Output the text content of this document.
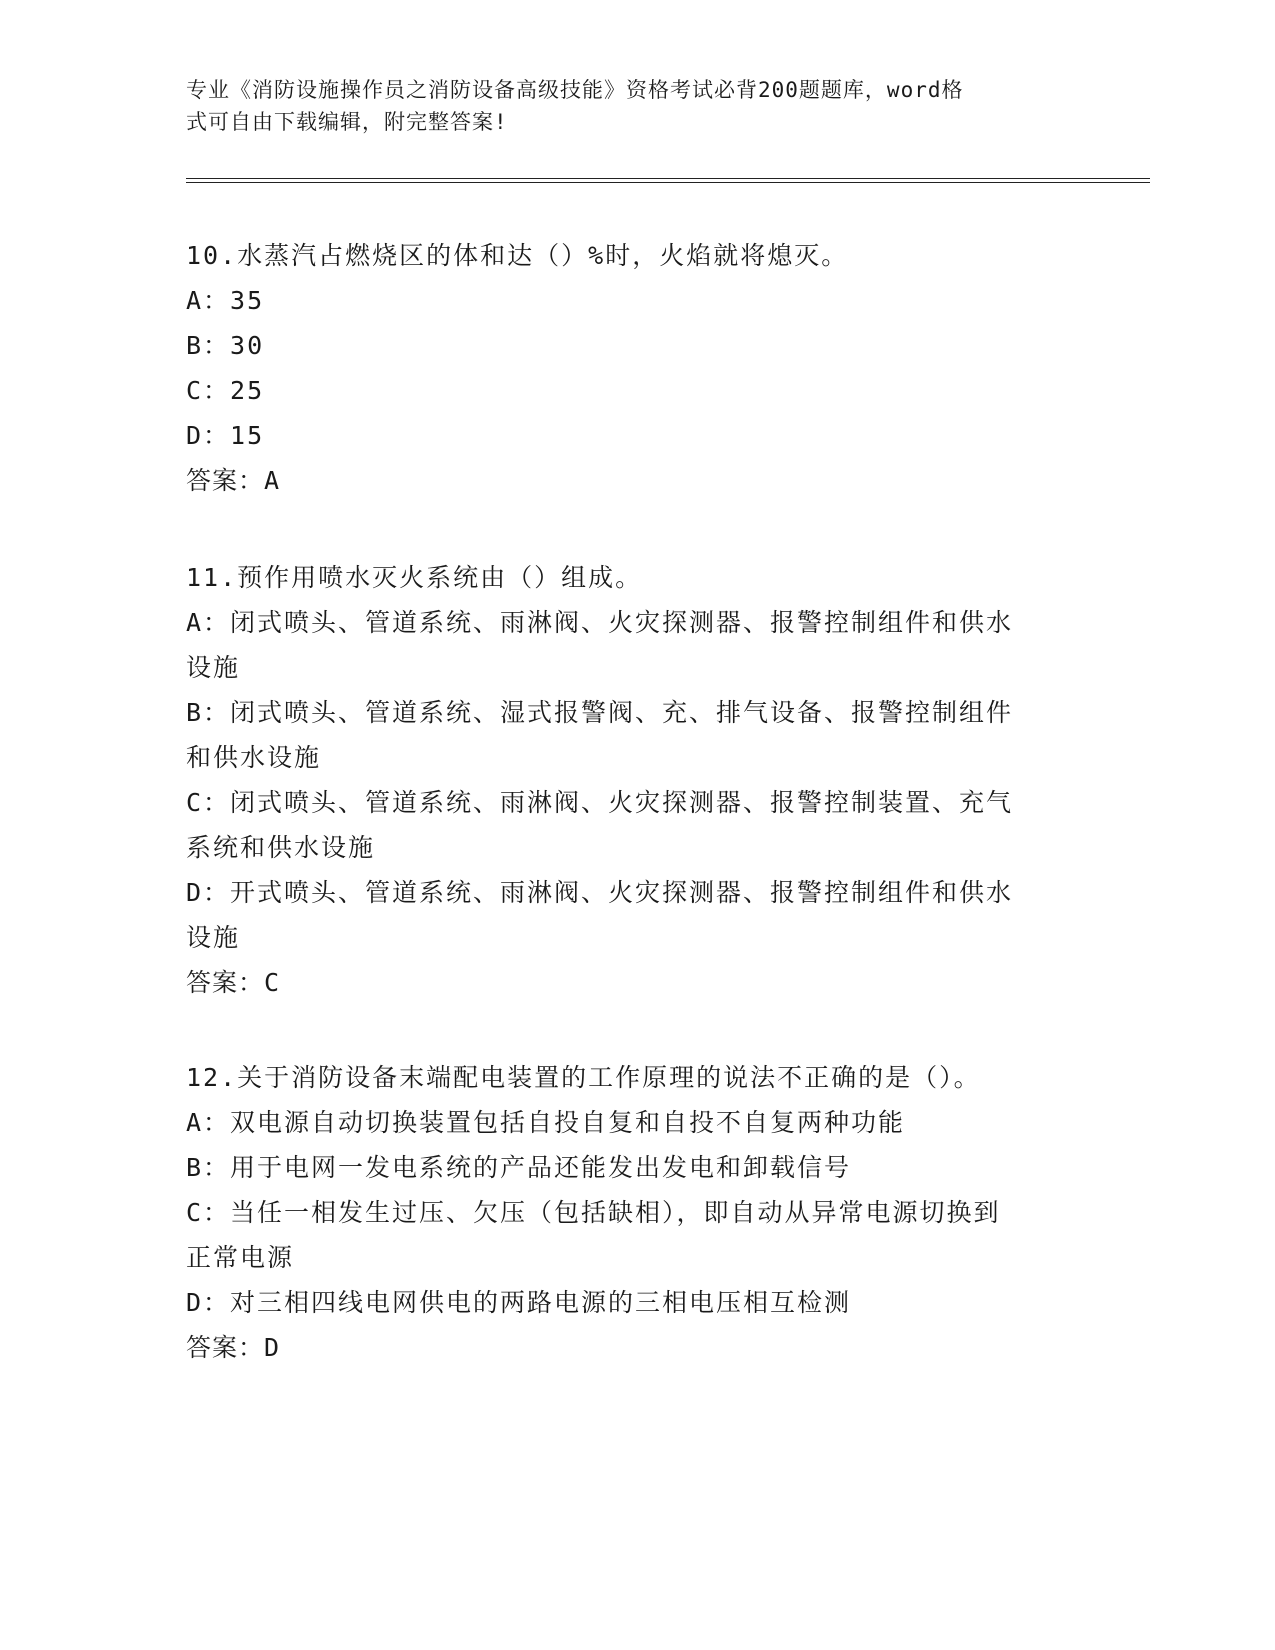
专业《消防设施操作员之消防设备高级技能》资格考试必背200题题库，word格
式可自由下载编辑，附完整答案!
10.水蒸汽占燃烧区的体和达（）%时，火焰就将熄灭。
A：35
B：30
C：25
D：15
答案：A
11.预作用喷水灭火系统由（）组成。
A：闭式喷头、管道系统、雨淋阀、火灾探测器、报警控制组件和供水
设施
B：闭式喷头、管道系统、湿式报警阀、充、排气设备、报警控制组件
和供水设施
C：闭式喷头、管道系统、雨淋阀、火灾探测器、报警控制装置、充气
系统和供水设施
D：开式喷头、管道系统、雨淋阀、火灾探测器、报警控制组件和供水
设施
答案：C
12.关于消防设备末端配电装置的工作原理的说法不正确的是（）。
A：双电源自动切换装置包括自投自复和自投不自复两种功能
B：用于电网一发电系统的产品还能发出发电和卸载信号
C：当任一相发生过压、欠压（包括缺相），即自动从异常电源切换到
正常电源
D：对三相四线电网供电的两路电源的三相电压相互检测
答案：D
